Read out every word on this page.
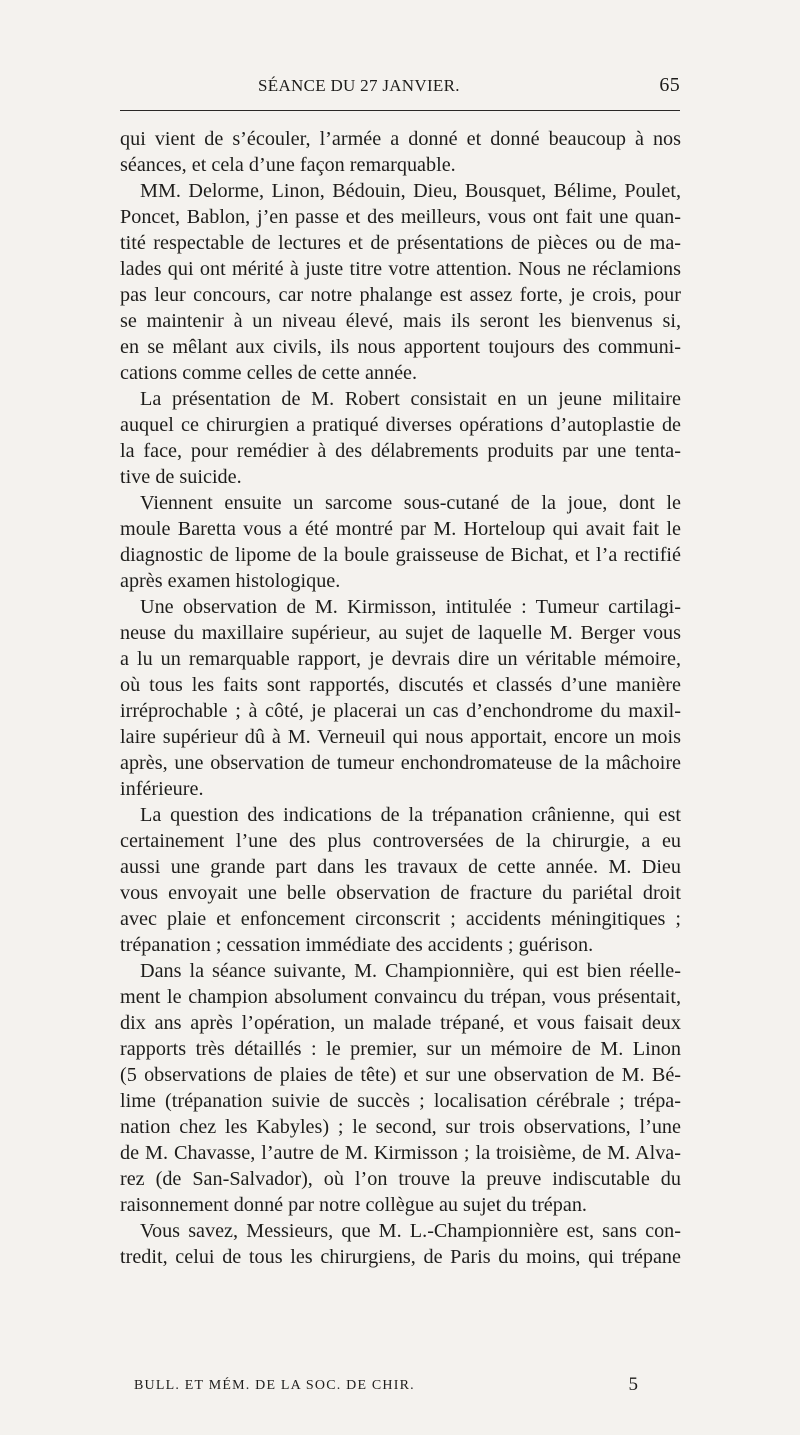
SÉANCE DU 27 JANVIER.	65
qui vient de s’écouler, l’armée a donné et donné beaucoup à nos
séances, et cela d’une façon remarquable.
MM. Delorme, Linon, Bédouin, Dieu, Bousquet, Bélime, Poulet,
Poncet, Bablon, j’en passe et des meilleurs, vous ont fait une quan-
tité respectable de lectures et de présentations de pièces ou de ma-
lades qui ont mérité à juste titre votre attention. Nous ne réclamions
pas leur concours, car notre phalange est assez forte, je crois, pour
se maintenir à un niveau élevé, mais ils seront les bienvenus si,
en se mêlant aux civils, ils nous apportent toujours des communi-
cations comme celles de cette année.
La présentation de M. Robert consistait en un jeune militaire
auquel ce chirurgien a pratiqué diverses opérations d’autoplastie de
la face, pour remédier à des délabrements produits par une tenta-
tive de suicide.
Viennent ensuite un sarcome sous-cutané de la joue, dont le
moule Baretta vous a été montré par M. Horteloup qui avait fait le
diagnostic de lipome de la boule graisseuse de Bichat, et l’a rectifié
après examen histologique.
Une observation de M. Kirmisson, intitulée : Tumeur cartilagi-
neuse du maxillaire supérieur, au sujet de laquelle M. Berger vous
a lu un remarquable rapport, je devrais dire un véritable mémoire,
où tous les faits sont rapportés, discutés et classés d’une manière
irréprochable ; à côté, je placerai un cas d’enchondrome du maxil-
laire supérieur dû à M. Verneuil qui nous apportait, encore un mois
après, une observation de tumeur enchondromateuse de la mâchoire
inférieure.
La question des indications de la trépanation crânienne, qui est
certainement l’une des plus controversées de la chirurgie, a eu
aussi une grande part dans les travaux de cette année. M. Dieu
vous envoyait une belle observation de fracture du pariétal droit
avec plaie et enfoncement circonscrit ; accidents méningitiques ;
trépanation ; cessation immédiate des accidents ; guérison.
Dans la séance suivante, M. Championnière, qui est bien réelle-
ment le champion absolument convaincu du trépan, vous présentait,
dix ans après l’opération, un malade trépané, et vous faisait deux
rapports très détaillés : le premier, sur un mémoire de M. Linon
(5 observations de plaies de tête) et sur une observation de M. Bé-
lime (trépanation suivie de succès ; localisation cérébrale ; trépa-
nation chez les Kabyles) ; le second, sur trois observations, l’une
de M. Chavasse, l’autre de M. Kirmisson ; la troisième, de M. Alva-
rez (de San-Salvador), où l’on trouve la preuve indiscutable du
raisonnement donné par notre collègue au sujet du trépan.
Vous savez, Messieurs, que M. L.-Championnière est, sans con-
tredit, celui de tous les chirurgiens, de Paris du moins, qui trépane
BULL. ET MÉM. DE LA SOC. DE CHIR.	5
